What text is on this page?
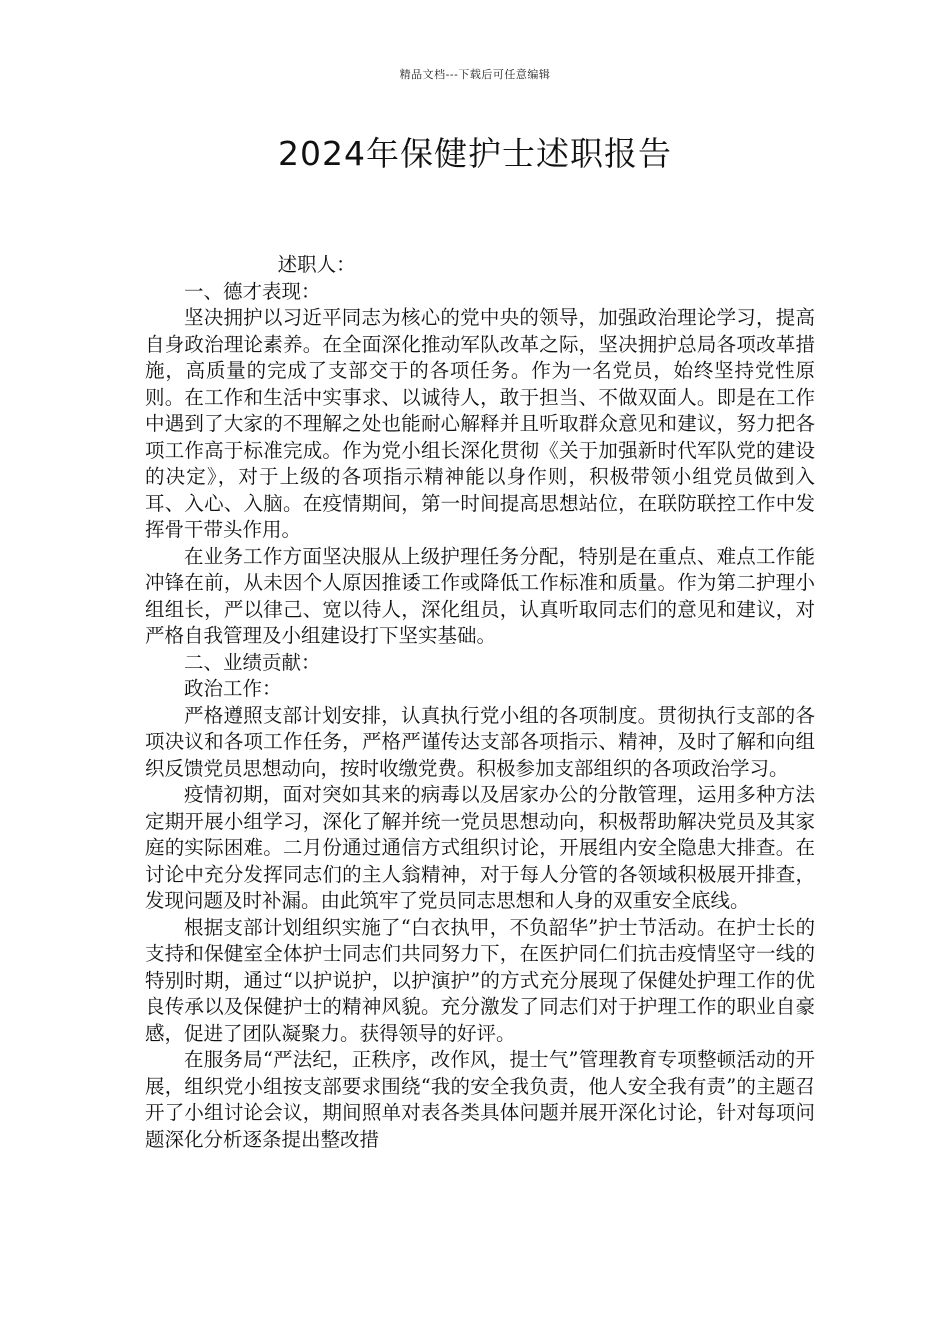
精品文档---下载后可任意编辑
2024年保健护士述职报告

述职人：

一、德才表现：

坚决拥护以习近平同志为核心的党中央的领导，加强政治理论学习，提高自身政治理论素养。在全面深化推动军队改革之际，坚决拥护总局各项改革措施，高质量的完成了支部交于的各项任务。作为一名党员，始终坚持党性原则。在工作和生活中实事求、以诚待人，敢于担当、不做双面人。即是在工作中遇到了大家的不理解之处也能耐心解释并且听取群众意见和建议，努力把各项工作高于标准完成。作为党小组长深化贯彻《关于加强新时代军队党的建设的决定》，对于上级的各项指示精神能以身作则，积极带领小组党员做到入耳、入心、入脑。在疫情期间，第一时间提高思想站位，在联防联控工作中发挥骨干带头作用。

在业务工作方面坚决服从上级护理任务分配，特别是在重点、难点工作能冲锋在前，从未因个人原因推诿工作或降低工作标准和质量。作为第二护理小组组长，严以律己、宽以待人，深化组员，认真听取同志们的意见和建议，对严格自我管理及小组建设打下坚实基础。

二、业绩贡献：

政治工作：

严格遵照支部计划安排，认真执行党小组的各项制度。贯彻执行支部的各项决议和各项工作任务，严格严谨传达支部各项指示、精神，及时了解和向组织反馈党员思想动向，按时收缴党费。积极参加支部组织的各项政治学习。

疫情初期，面对突如其来的病毒以及居家办公的分散管理，运用多种方法定期开展小组学习，深化了解并统一党员思想动向，积极帮助解决党员及其家庭的实际困难。二月份通过通信方式组织讨论，开展组内安全隐患大排查。在讨论中充分发挥同志们的主人翁精神，对于每人分管的各领域积极展开排查，发现问题及时补漏。由此筑牢了党员同志思想和人身的双重安全底线。

根据支部计划组织实施了“白衣执甲，不负韶华”护士节活动。在护士长的支持和保健室全体护士同志们共同努力下，在医护同仁们抗击疫情坚守一线的特别时期，通过“以护说护，以护演护”的方式充分展现了保健处护理工作的优良传承以及保健护士的精神风貌。充分激发了同志们对于护理工作的职业自豪感，促进了团队凝聚力。获得领导的好评。

在服务局“严法纪，正秩序，改作风，提士气”管理教育专项整顿活动的开展，组织党小组按支部要求围绕“我的安全我负责，他人安全我有责”的主题召开了小组讨论会议，期间照单对表各类具体问题并展开深化讨论，针对每项问题深化分析逐条提出整改措
